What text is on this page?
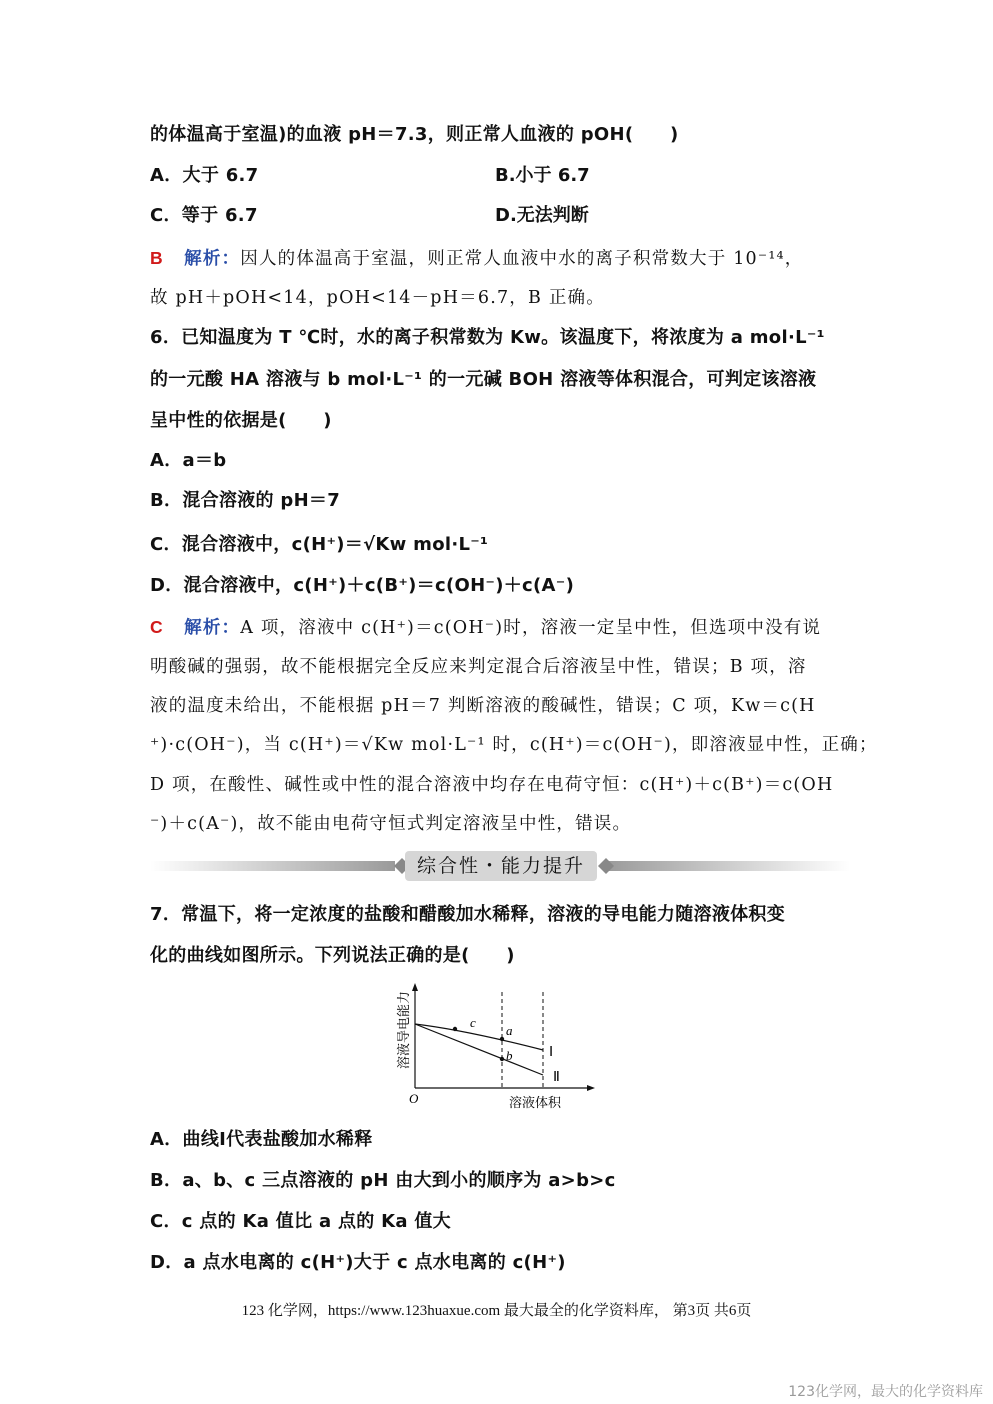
的体温高于室温)的血液 pH＝7.3，则正常人血液的 pOH(　　)
A．大于 6.7	B.小于 6.7
C．等于 6.7	D.无法判断
B 解析：因人的体温高于室温，则正常人血液中水的离子积常数大于 10⁻¹⁴，
故 pH＋pOH<14，pOH<14－pH＝6.7，B 正确。
6．已知温度为 T ℃时，水的离子积常数为 Kw。该温度下，将浓度为 a mol·L⁻¹
的一元酸 HA 溶液与 b mol·L⁻¹ 的一元碱 BOH 溶液等体积混合，可判定该溶液
呈中性的依据是(　　)
A．a＝b
B．混合溶液的 pH＝7
C．混合溶液中，c(H⁺)＝√Kw mol·L⁻¹
D．混合溶液中，c(H⁺)＋c(B⁺)＝c(OH⁻)＋c(A⁻)
C 解析：A 项，溶液中 c(H⁺)＝c(OH⁻)时，溶液一定呈中性，但选项中没有说
明酸碱的强弱，故不能根据完全反应来判定混合后溶液呈中性，错误；B 项，溶
液的温度未给出，不能根据 pH＝7 判断溶液的酸碱性，错误；C 项，Kw＝c(H
⁺)·c(OH⁻)，当 c(H⁺)＝√Kw mol·L⁻¹ 时，c(H⁺)＝c(OH⁻)，即溶液显中性，正确；
D 项，在酸性、碱性或中性的混合溶液中均存在电荷守恒：c(H⁺)＋c(B⁺)＝c(OH
⁻)＋c(A⁻)，故不能由电荷守恒式判定溶液呈中性，错误。
综合性・能力提升
7．常温下，将一定浓度的盐酸和醋酸加水稀释，溶液的导电能力随溶液体积变
化的曲线如图所示。下列说法正确的是(　　)
溶液导电能力
溶液体积
O
c
a
b	Ⅰ
Ⅱ
A．曲线Ⅰ代表盐酸加水稀释
B．a、b、c 三点溶液的 pH 由大到小的顺序为 a>b>c
C．c 点的 Ka 值比 a 点的 Ka 值大
D．a 点水电离的 c(H⁺)大于 c 点水电离的 c(H⁺)
123 化学网，https://www.123huaxue.com 最大最全的化学资料库， 第3页 共6页
123化学网，最大的化学资料库
